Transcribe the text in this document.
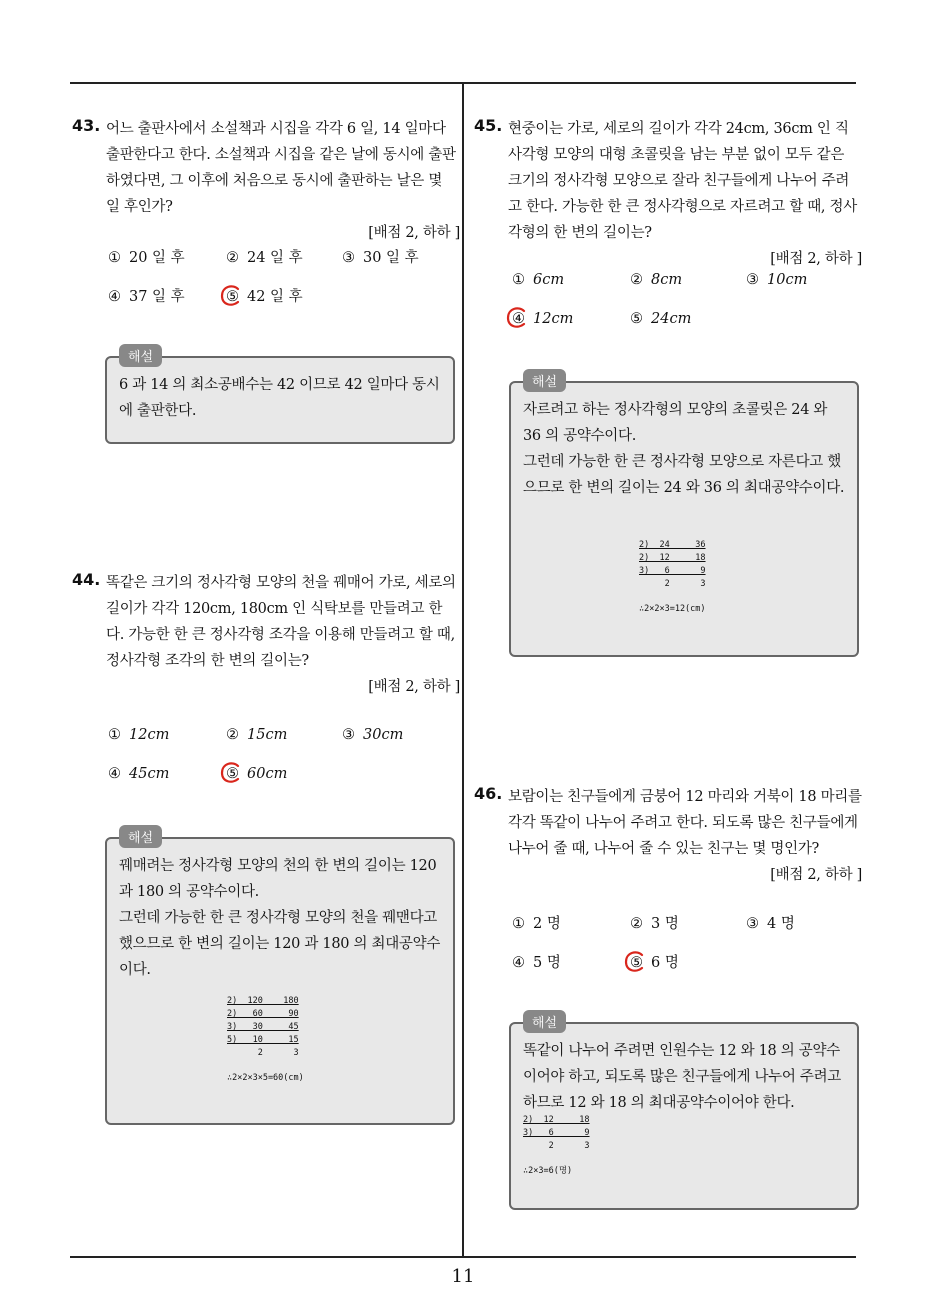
11
43. 어느 출판사에서 소설책과 시집을 각각 6 일, 14 일마다 출판한다고 한다. 소설책과 시집을 같은 날에 동시에 출판하였다면, 그 이후에 처음으로 동시에 출판하는 날은 몇 일 후인가?
[배점 2, 하하 ]
① 20 일 후	② 24 일 후	③ 30 일 후
④ 37 일 후	⑤ 42 일 후
해설
6 과 14 의 최소공배수는 42 이므로 42 일마다 동시에 출판한다.
44. 똑같은 크기의 정사각형 모양의 천을 꿰매어 가로, 세로의 길이가 각각 120cm, 180cm 인 식탁보를 만들려고 한다. 가능한 한 큰 정사각형 조각을 이용해 만들려고 할 때, 정사각형 조각의 한 변의 길이는?
[배점 2, 하하 ]
① 12cm	② 15cm	③ 30cm
④ 45cm	⑤ 60cm
해설
꿰매려는 정사각형 모양의 천의 한 변의 길이는 120 과 180 의 공약수이다.
그런데 가능한 한 큰 정사각형 모양의 천을 꿰맨다고 했으므로 한 변의 길이는 120 과 180 의 최대공약수이다.
2)  120    180
2)   60     90
3)   30     45
5)   10     15
2      3
∴2×2×3×5=60(cm)
45. 현중이는 가로, 세로의 길이가 각각 24cm, 36cm 인 직사각형 모양의 대형 초콜릿을 남는 부분 없이 모두 같은 크기의 정사각형 모양으로 잘라 친구들에게 나누어 주려고 한다. 가능한 한 큰 정사각형으로 자르려고 할 때, 정사각형의 한 변의 길이는?
[배점 2, 하하 ]
① 6cm	② 8cm	③ 10cm
④ 12cm	⑤ 24cm
해설
자르려고 하는 정사각형의 모양의 초콜릿은 24 와 36 의 공약수이다.
그런데 가능한 한 큰 정사각형 모양으로 자른다고 했으므로 한 변의 길이는 24 와 36 의 최대공약수이다.
2)  24     36
2)  12     18
3)   6      9
2      3
∴2×2×3=12(cm)
46. 보람이는 친구들에게 금붕어 12 마리와 거북이 18 마리를 각각 똑같이 나누어 주려고 한다. 되도록 많은 친구들에게 나누어 줄 때, 나누어 줄 수 있는 친구는 몇 명인가?
[배점 2, 하하 ]
① 2 명	② 3 명	③ 4 명
④ 5 명	⑤ 6 명
해설
똑같이 나누어 주려면 인원수는 12 와 18 의 공약수이어야 하고, 되도록 많은 친구들에게 나누어 주려고 하므로 12 와 18 의 최대공약수이어야 한다.
2)  12     18
3)   6      9
2      3
∴2×3=6(명)
